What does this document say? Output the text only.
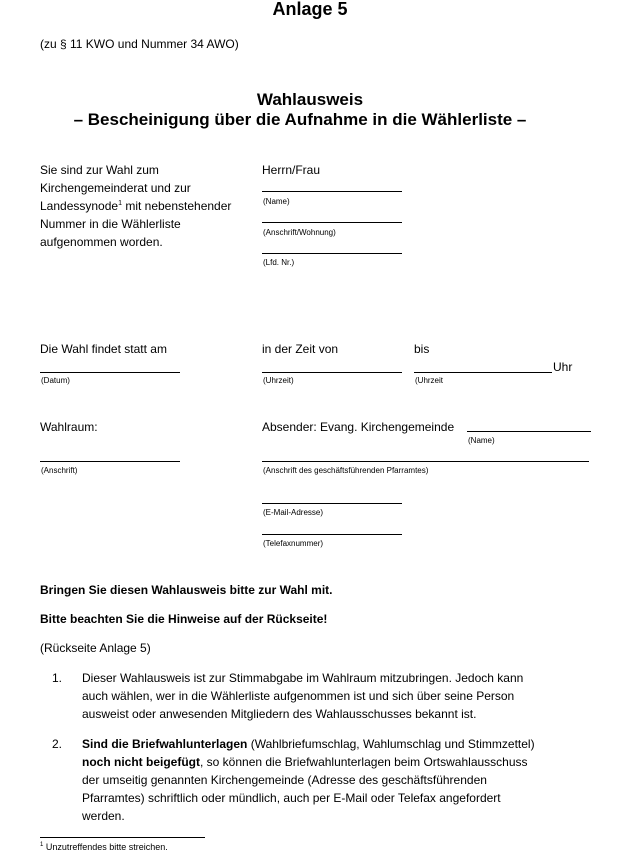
Anlage 5
(zu § 11 KWO und Nummer 34 AWO)
Wahlausweis
– Bescheinigung über die Aufnahme in die Wählerliste –
Sie sind zur Wahl zum
Kirchengemeinderat und zur
Landessynode$^1$ mit nebenstehender
Nummer in die Wählerliste
aufgenommen worden.
Herrn/Frau
(Name)
(Anschrift/Wohnung)
(Lfd. Nr.)
Die Wahl findet statt am
(Datum)
in der Zeit von
(Uhrzeit)
bis
Uhr
(Uhrzeit
Wahlraum:
(Anschrift)
Absender: Evang. Kirchengemeinde
(Name)
(Anschrift des geschäftsführenden Pfarramtes)
(E-Mail-Adresse)
(Telefaxnummer)
Bringen Sie diesen Wahlausweis bitte zur Wahl mit.
Bitte beachten Sie die Hinweise auf der Rückseite!
(Rückseite Anlage 5)
1. Dieser Wahlausweis ist zur Stimmabgabe im Wahlraum mitzubringen. Jedoch kann
auch wählen, wer in die Wählerliste aufgenommen ist und sich über seine Person
ausweist oder anwesenden Mitgliedern des Wahlausschusses bekannt ist.
2. Sind die Briefwahlunterlagen (Wahlbriefumschlag, Wahlumschlag und Stimmzettel)
noch nicht beigefügt, so können die Briefwahlunterlagen beim Ortswahlausschuss
der umseitig genannten Kirchengemeinde (Adresse des geschäftsführenden
Pfarramtes) schriftlich oder mündlich, auch per E-Mail oder Telefax angefordert
werden.
$^1$ Unzutreffendes bitte streichen.
